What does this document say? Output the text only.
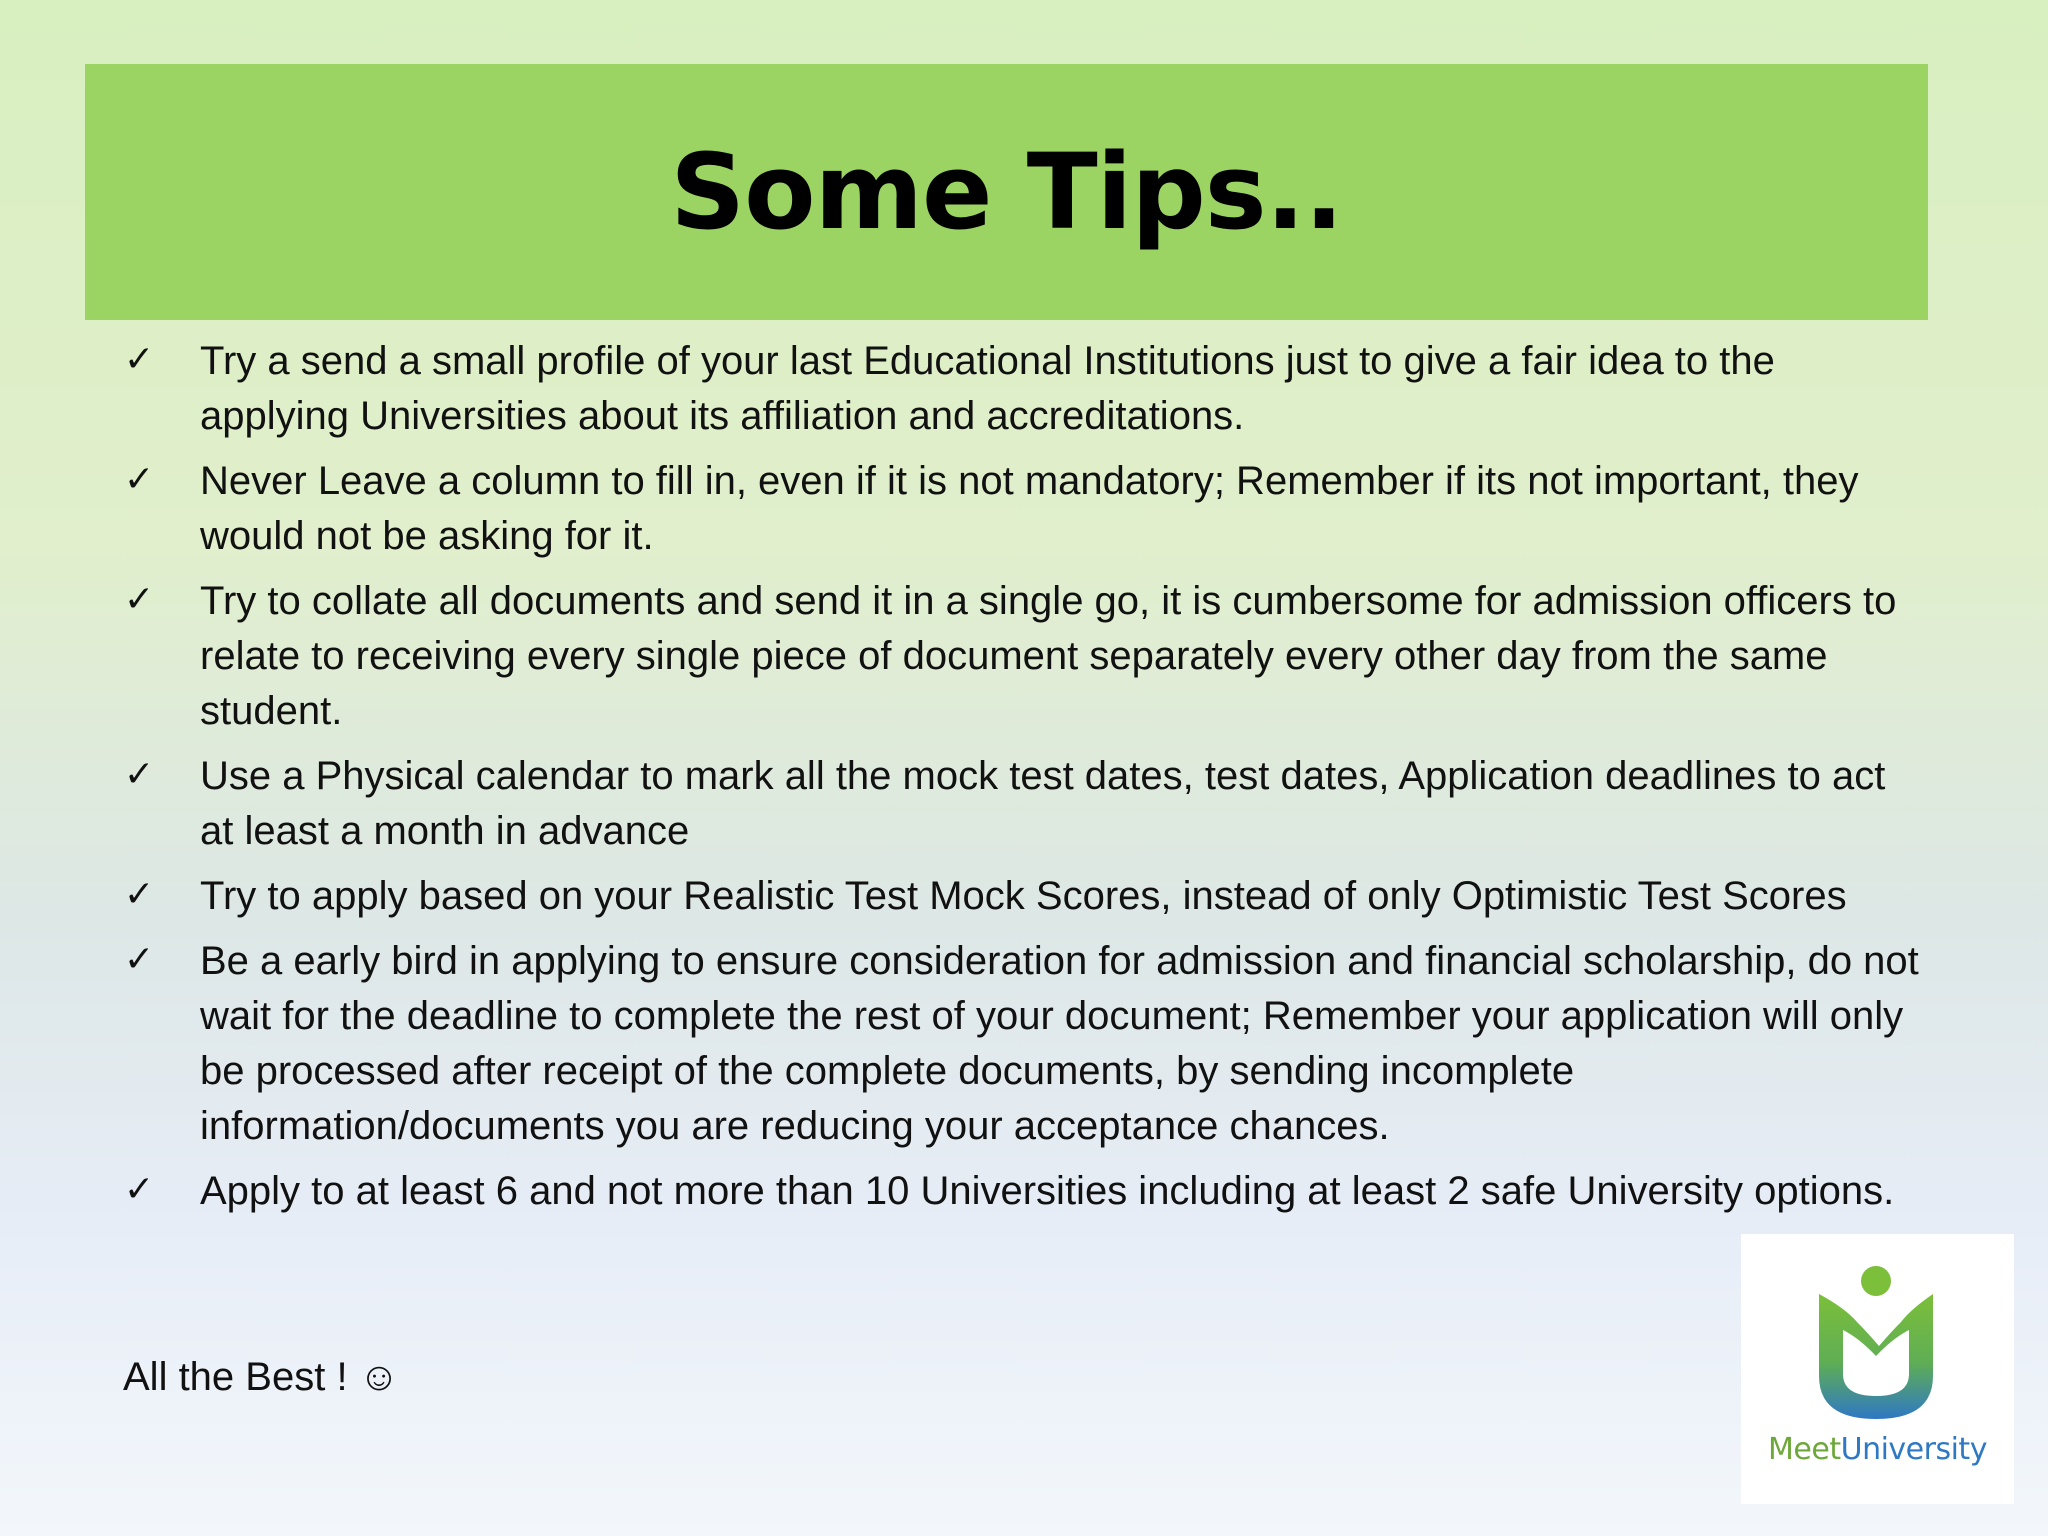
Some Tips..
✓ Try a send a small profile of your last Educational Institutions just to give a fair idea to the applying Universities about its affiliation and accreditations.
✓ Never Leave a column to fill in, even if it is not mandatory; Remember if its not important, they would not be asking for it.
✓ Try to collate all documents and send it in a single go, it is cumbersome for admission officers to relate to receiving every single piece of document separately every other day from the same student.
✓ Use a Physical calendar to mark all the mock test dates, test dates, Application deadlines to act at least a month in advance
✓ Try to apply based on your Realistic Test Mock Scores, instead of only Optimistic Test Scores
✓ Be a early bird in applying to ensure consideration for admission and financial scholarship, do not wait for the deadline to complete the rest of your document; Remember your application will only be processed after receipt of the complete documents, by sending incomplete information/documents you are reducing your acceptance chances.
✓ Apply to at least 6 and not more than 10 Universities including at least 2 safe University options.
All the Best ! ☺
MeetUniversity
